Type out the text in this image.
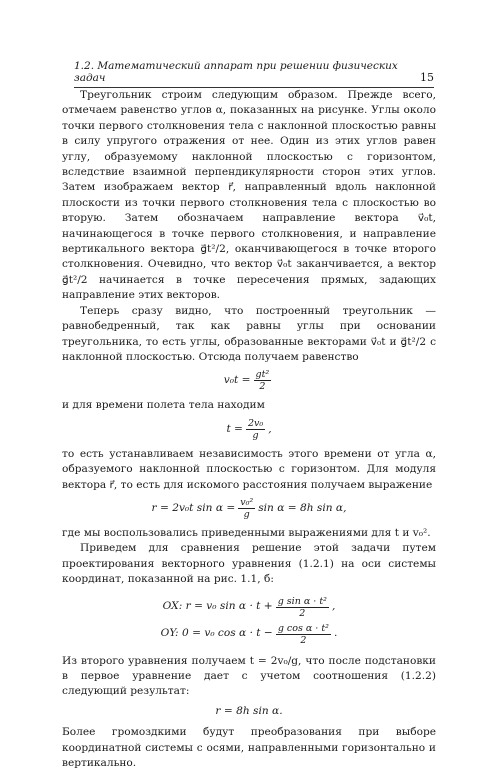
1.2. Математический аппарат при решении физических задач	15

Треугольник строим следующим образом. Прежде всего, отмечаем равенство углов α, показанных на рисунке. Углы около точки первого столкновения тела с наклонной плоскостью равны в силу упругого отражения от нее. Один из этих углов равен углу, образуемому наклонной плоскостью с горизонтом, вследствие взаимной перпендикулярности сторон этих углов. Затем изображаем вектор r⃗, направленный вдоль наклонной плоскости из точки первого столкновения тела с плоскостью во вторую. Затем обозначаем направление вектора v⃗₀t, начинающегося в точке первого столкновения, и направление вертикального вектора g⃗t²/2, оканчивающегося в точке второго столкновения. Очевидно, что вектор v⃗₀t заканчивается, а вектор g⃗t²/2 начинается в точке пересечения прямых, задающих направление этих векторов.

Теперь сразу видно, что построенный треугольник — равнобедренный, так как равны углы при основании треугольника, то есть углы, образованные векторами v⃗₀t и g⃗t²/2 с наклонной плоскостью. Отсюда получаем равенство

$v_0t = \frac{\text{gt²}}{2}$

и для времени полета тела находим

$t = \frac{\text{2v₀}}{g}$ ,

то есть устанавливаем независимость этого времени от угла α, образуемого наклонной плоскостью с горизонтом. Для модуля вектора r⃗, то есть для искомого расстояния получаем выражение

r = 2v₀t $\sin \alpha = \frac{\text{v₀²}}{g}$ sin α = 8h sin α,

где мы воспользовались приведенными выражениями для t и v₀².

Приведем для сравнения решение этой задачи путем проектирования векторного уравнения (1.2.1) на оси системы координат, показанной на рис. 1.1, б:

OX: r = v₀ $\sin \alpha \cdot t + \frac{\text{g sin α · t²}}{2}$ ,
OY: 0 = v₀ $\cos \alpha \cdot t - \frac{\text{g cos α · t²}}{2}$ .

Из второго уравнения получаем t = 2v₀/g, что после подстановки в первое уравнение дает с учетом соотношения (1.2.2) следующий результат:

r = 8h sin α.

Более громоздкими будут преобразования при выборе координатной системы с осями, направленными горизонтально и вертикально.
